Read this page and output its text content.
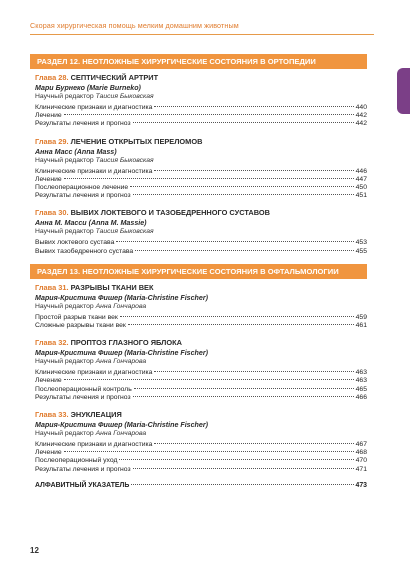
Скорая хирургическая помощь мелким домашним животным
РАЗДЕЛ 12. НЕОТЛОЖНЫЕ ХИРУРГИЧЕСКИЕ СОСТОЯНИЯ В ОРТОПЕДИИ
Глава 28. СЕПТИЧЕСКИЙ АРТРИТ
Мари Бурнеко (Marie Burneko)
Научный редактор Таисия Быковская
Клинические признаки и диагностика	440
Лечение	442
Результаты лечения и прогноз	442
Глава 29. ЛЕЧЕНИЕ ОТКРЫТЫХ ПЕРЕЛОМОВ
Анна Масс (Anna Mass)
Научный редактор Таисия Быковская
Клинические признаки и диагностика	446
Лечение	447
Послеоперационное лечение	450
Результаты лечения и прогноз	451
Глава 30. ВЫВИХ ЛОКТЕВОГО И ТАЗОБЕДРЕННОГО СУСТАВОВ
Анна М. Масси (Anna M. Massie)
Научный редактор Таисия Быковская
Вывих локтевого сустава	453
Вывих тазобедренного сустава	455
РАЗДЕЛ 13. НЕОТЛОЖНЫЕ ХИРУРГИЧЕСКИЕ СОСТОЯНИЯ В ОФТАЛЬМОЛОГИИ
Глава 31. РАЗРЫВЫ ТКАНИ ВЕК
Мария-Кристина Фишер (Maria-Christine Fischer)
Научный редактор Анна Гончарова
Простой разрыв ткани век	459
Сложные разрывы ткани век	461
Глава 32. ПРОПТОЗ ГЛАЗНОГО ЯБЛОКА
Мария-Кристина Фишер (Maria-Christine Fischer)
Научный редактор Анна Гончарова
Клинические признаки и диагностика	463
Лечение	463
Послеоперационный контроль	465
Результаты лечения и прогноз	466
Глава 33. ЭНУКЛЕАЦИЯ
Мария-Кристина Фишер (Maria-Christine Fischer)
Научный редактор Анна Гончарова
Клинические признаки и диагностика	467
Лечение	468
Послеоперационный уход	470
Результаты лечения и прогноз	471
АЛФАВИТНЫЙ УКАЗАТЕЛЬ	473
12
